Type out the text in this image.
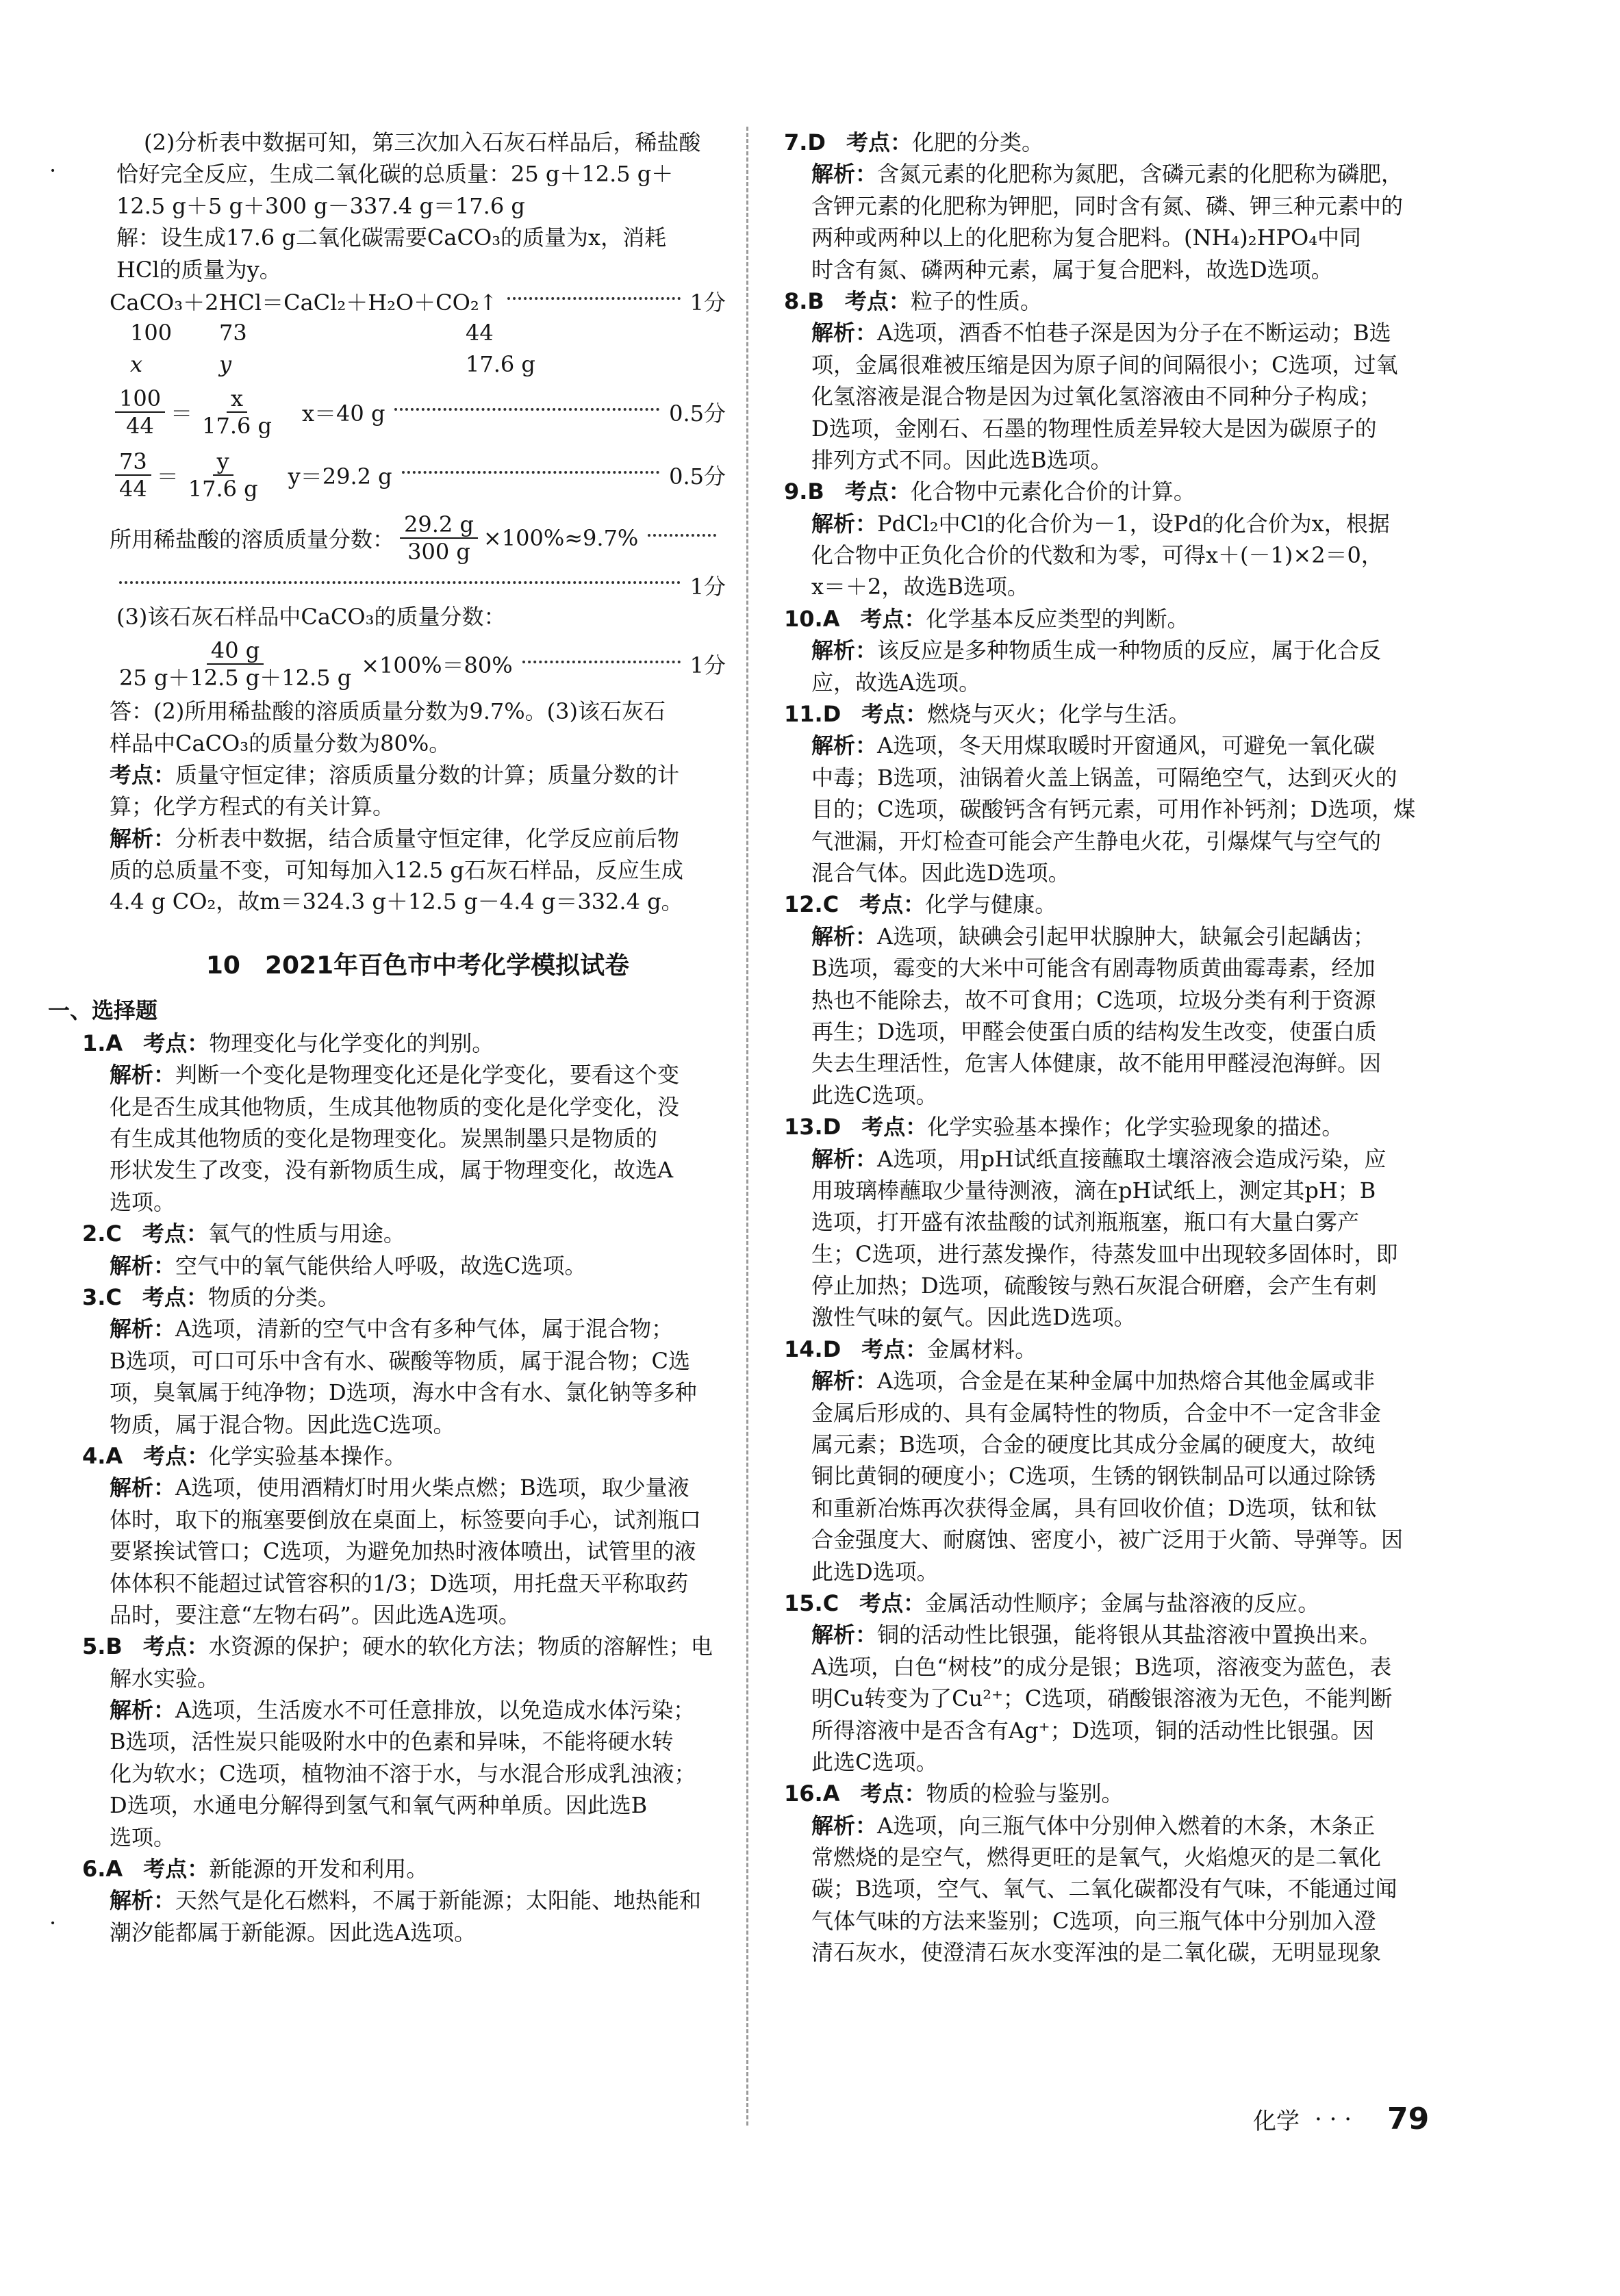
·
·
(2)分析表中数据可知，第三次加入石灰石样品后，稀盐酸
恰好完全反应，生成二氧化碳的总质量：25 g＋12.5 g＋
12.5 g＋5 g＋300 g－337.4 g＝17.6 g
解：设生成17.6 g二氧化碳需要CaCO₃的质量为x，消耗
HCl的质量为y。
CaCO₃＋2HCl＝CaCl₂＋H₂O＋CO₂↑	1分
100 73	44
x	y	17.6 g
$\frac{100}{44} = \frac{x}{17.6 g} x=40$ g	0.5分
$\frac{73}{44} = \frac{y}{17.6 g} y=29.2$ g	0.5分
所用稀盐酸的溶质质量分数： $\frac{29.2 g}{300 g} \times 100\%\approx 9.7\%$
1分
(3)该石灰石样品中CaCO₃的质量分数：
$\frac{40 g}{25 g+12.5 g+12.5 g} \times 100\%=80\%$	1分
答：(2)所用稀盐酸的溶质质量分数为9.7%。(3)该石灰石
样品中CaCO₃的质量分数为80%。
考点：质量守恒定律；溶质质量分数的计算；质量分数的计
算；化学方程式的有关计算。
解析：分析表中数据，结合质量守恒定律，化学反应前后物
质的总质量不变，可知每加入12.5 g石灰石样品，反应生成
4.4 g CO₂，故m＝324.3 g＋12.5 g－4.4 g＝332.4 g。
10　2021年百色市中考化学模拟试卷
一、选择题
1.A 考点：物理变化与化学变化的判别。
解析：判断一个变化是物理变化还是化学变化，要看这个变
化是否生成其他物质，生成其他物质的变化是化学变化，没
有生成其他物质的变化是物理变化。炭黑制墨只是物质的
形状发生了改变，没有新物质生成，属于物理变化，故选A
选项。
2.C 考点：氧气的性质与用途。
解析：空气中的氧气能供给人呼吸，故选C选项。
3.C 考点：物质的分类。
解析：A选项，清新的空气中含有多种气体，属于混合物；
B选项，可口可乐中含有水、碳酸等物质，属于混合物；C选
项，臭氧属于纯净物；D选项，海水中含有水、氯化钠等多种
物质，属于混合物。因此选C选项。
4.A 考点：化学实验基本操作。
解析：A选项，使用酒精灯时用火柴点燃；B选项，取少量液
体时，取下的瓶塞要倒放在桌面上，标签要向手心，试剂瓶口
要紧挨试管口；C选项，为避免加热时液体喷出，试管里的液
体体积不能超过试管容积的1/3；D选项，用托盘天平称取药
品时，要注意“左物右码”。因此选A选项。
5.B 考点：水资源的保护；硬水的软化方法；物质的溶解性；电
解水实验。
解析：A选项，生活废水不可任意排放，以免造成水体污染；
B选项，活性炭只能吸附水中的色素和异味，不能将硬水转
化为软水；C选项，植物油不溶于水，与水混合形成乳浊液；
D选项，水通电分解得到氢气和氧气两种单质。因此选B
选项。
6.A 考点：新能源的开发和利用。
解析：天然气是化石燃料，不属于新能源；太阳能、地热能和
潮汐能都属于新能源。因此选A选项。
7.D 考点：化肥的分类。
解析：含氮元素的化肥称为氮肥，含磷元素的化肥称为磷肥，
含钾元素的化肥称为钾肥，同时含有氮、磷、钾三种元素中的
两种或两种以上的化肥称为复合肥料。(NH₄)₂HPO₄中同
时含有氮、磷两种元素，属于复合肥料，故选D选项。
8.B 考点：粒子的性质。
解析：A选项，酒香不怕巷子深是因为分子在不断运动；B选
项，金属很难被压缩是因为原子间的间隔很小；C选项，过氧
化氢溶液是混合物是因为过氧化氢溶液由不同种分子构成；
D选项，金刚石、石墨的物理性质差异较大是因为碳原子的
排列方式不同。因此选B选项。
9.B 考点：化合物中元素化合价的计算。
解析：PdCl₂中Cl的化合价为－1，设Pd的化合价为x，根据
化合物中正负化合价的代数和为零，可得x＋(－1)×2＝0，
x＝＋2，故选B选项。
10.A 考点：化学基本反应类型的判断。
解析：该反应是多种物质生成一种物质的反应，属于化合反
应，故选A选项。
11.D 考点：燃烧与灭火；化学与生活。
解析：A选项，冬天用煤取暖时开窗通风，可避免一氧化碳
中毒；B选项，油锅着火盖上锅盖，可隔绝空气，达到灭火的
目的；C选项，碳酸钙含有钙元素，可用作补钙剂；D选项，煤
气泄漏，开灯检查可能会产生静电火花，引爆煤气与空气的
混合气体。因此选D选项。
12.C 考点：化学与健康。
解析：A选项，缺碘会引起甲状腺肿大，缺氟会引起龋齿；
B选项，霉变的大米中可能含有剧毒物质黄曲霉毒素，经加
热也不能除去，故不可食用；C选项，垃圾分类有利于资源
再生；D选项，甲醛会使蛋白质的结构发生改变，使蛋白质
失去生理活性，危害人体健康，故不能用甲醛浸泡海鲜。因
此选C选项。
13.D 考点：化学实验基本操作；化学实验现象的描述。
解析：A选项，用pH试纸直接蘸取土壤溶液会造成污染，应
用玻璃棒蘸取少量待测液，滴在pH试纸上，测定其pH；B
选项，打开盛有浓盐酸的试剂瓶瓶塞，瓶口有大量白雾产
生；C选项，进行蒸发操作，待蒸发皿中出现较多固体时，即
停止加热；D选项，硫酸铵与熟石灰混合研磨，会产生有刺
激性气味的氨气。因此选D选项。
14.D 考点：金属材料。
解析：A选项，合金是在某种金属中加热熔合其他金属或非
金属后形成的、具有金属特性的物质，合金中不一定含非金
属元素；B选项，合金的硬度比其成分金属的硬度大，故纯
铜比黄铜的硬度小；C选项，生锈的钢铁制品可以通过除锈
和重新冶炼再次获得金属，具有回收价值；D选项，钛和钛
合金强度大、耐腐蚀、密度小，被广泛用于火箭、导弹等。因
此选D选项。
15.C 考点：金属活动性顺序；金属与盐溶液的反应。
解析：铜的活动性比银强，能将银从其盐溶液中置换出来。
A选项，白色“树枝”的成分是银；B选项，溶液变为蓝色，表
明Cu转变为了Cu²⁺；C选项，硝酸银溶液为无色，不能判断
所得溶液中是否含有Ag⁺；D选项，铜的活动性比银强。因
此选C选项。
16.A 考点：物质的检验与鉴别。
解析：A选项，向三瓶气体中分别伸入燃着的木条，木条正
常燃烧的是空气，燃得更旺的是氧气，火焰熄灭的是二氧化
碳；B选项，空气、氧气、二氧化碳都没有气味，不能通过闻
气体气味的方法来鉴别；C选项，向三瓶气体中分别加入澄
清石灰水，使澄清石灰水变浑浊的是二氧化碳，无明显现象
化学 · · · 79
